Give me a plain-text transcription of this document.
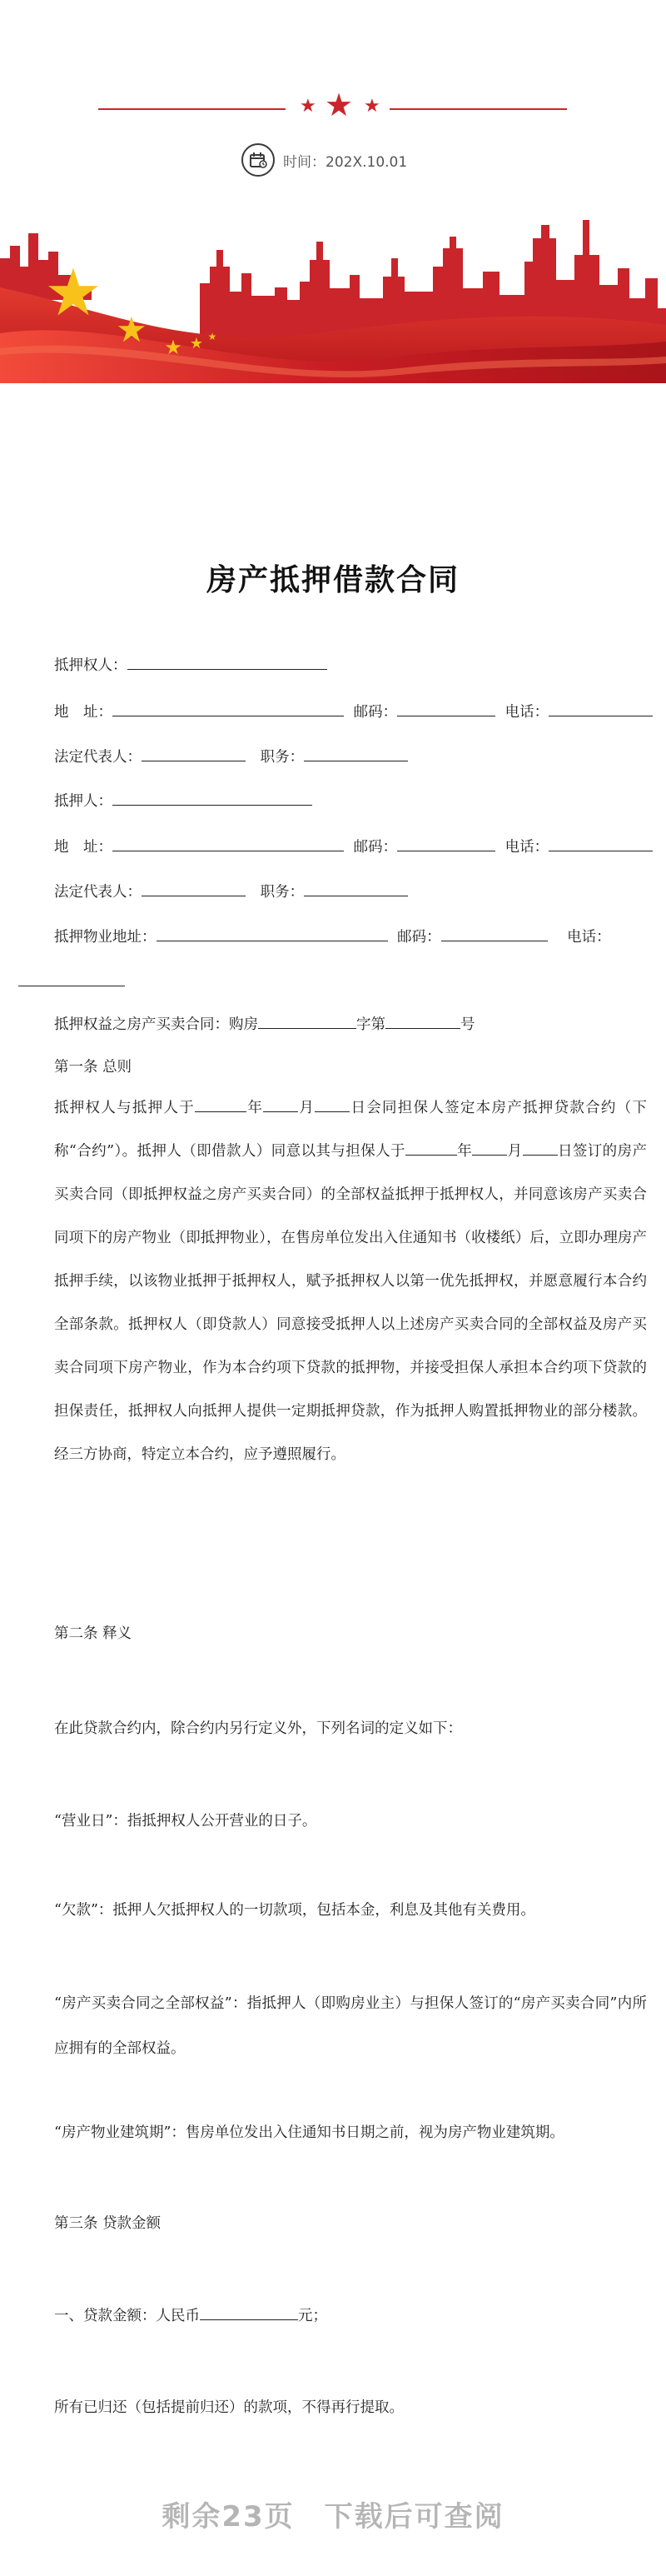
★ ★ ★
时间：202X.10.01
★ ★ ★ ★ ★
房产抵押借款合同
抵押权人：
地　址：	邮码：	电话：
法定代表人：	职务：
抵押人：
地　址：	邮码：	电话：
法定代表人：	职务：
抵押物业地址：	邮码：	电话：
抵押权益之房产买卖合同：购房	字第	号
第一条 总则
抵押权人与抵押人于	年 月 日会同担保人签定本房产抵押贷款合约（下称“合约”）。抵押人（即借款人）同意以其与担保人于	年 月 日签订的房产买卖合同（即抵押权益之房产买卖合同）的全部权益抵押于抵押权人，并同意该房产买卖合同项下的房产物业（即抵押物业），在售房单位发出入住通知书（收楼纸）后，立即办理房产抵押手续，以该物业抵押于抵押权人，赋予抵押权人以第一优先抵押权，并愿意履行本合约全部条款。抵押权人（即贷款人）同意接受抵押人以上述房产买卖合同的全部权益及房产买卖合同项下房产物业，作为本合约项下贷款的抵押物，并接受担保人承担本合约项下贷款的担保责任，抵押权人向抵押人提供一定期抵押贷款，作为抵押人购置抵押物业的部分楼款。经三方协商，特定立本合约，应予遵照履行。
第二条 释义
在此贷款合约内，除合约内另行定义外，下列名词的定义如下：
“营业日”：指抵押权人公开营业的日子。
“欠款”：抵押人欠抵押权人的一切款项，包括本金，利息及其他有关费用。
“房产买卖合同之全部权益”：指抵押人（即购房业主）与担保人签订的“房产买卖合同”内所应拥有的全部权益。
“房产物业建筑期”：售房单位发出入住通知书日期之前，视为房产物业建筑期。
第三条 贷款金额
一、贷款金额：人民币	元；
所有已归还（包括提前归还）的款项，不得再行提取。
剩余23页　下载后可查阅
